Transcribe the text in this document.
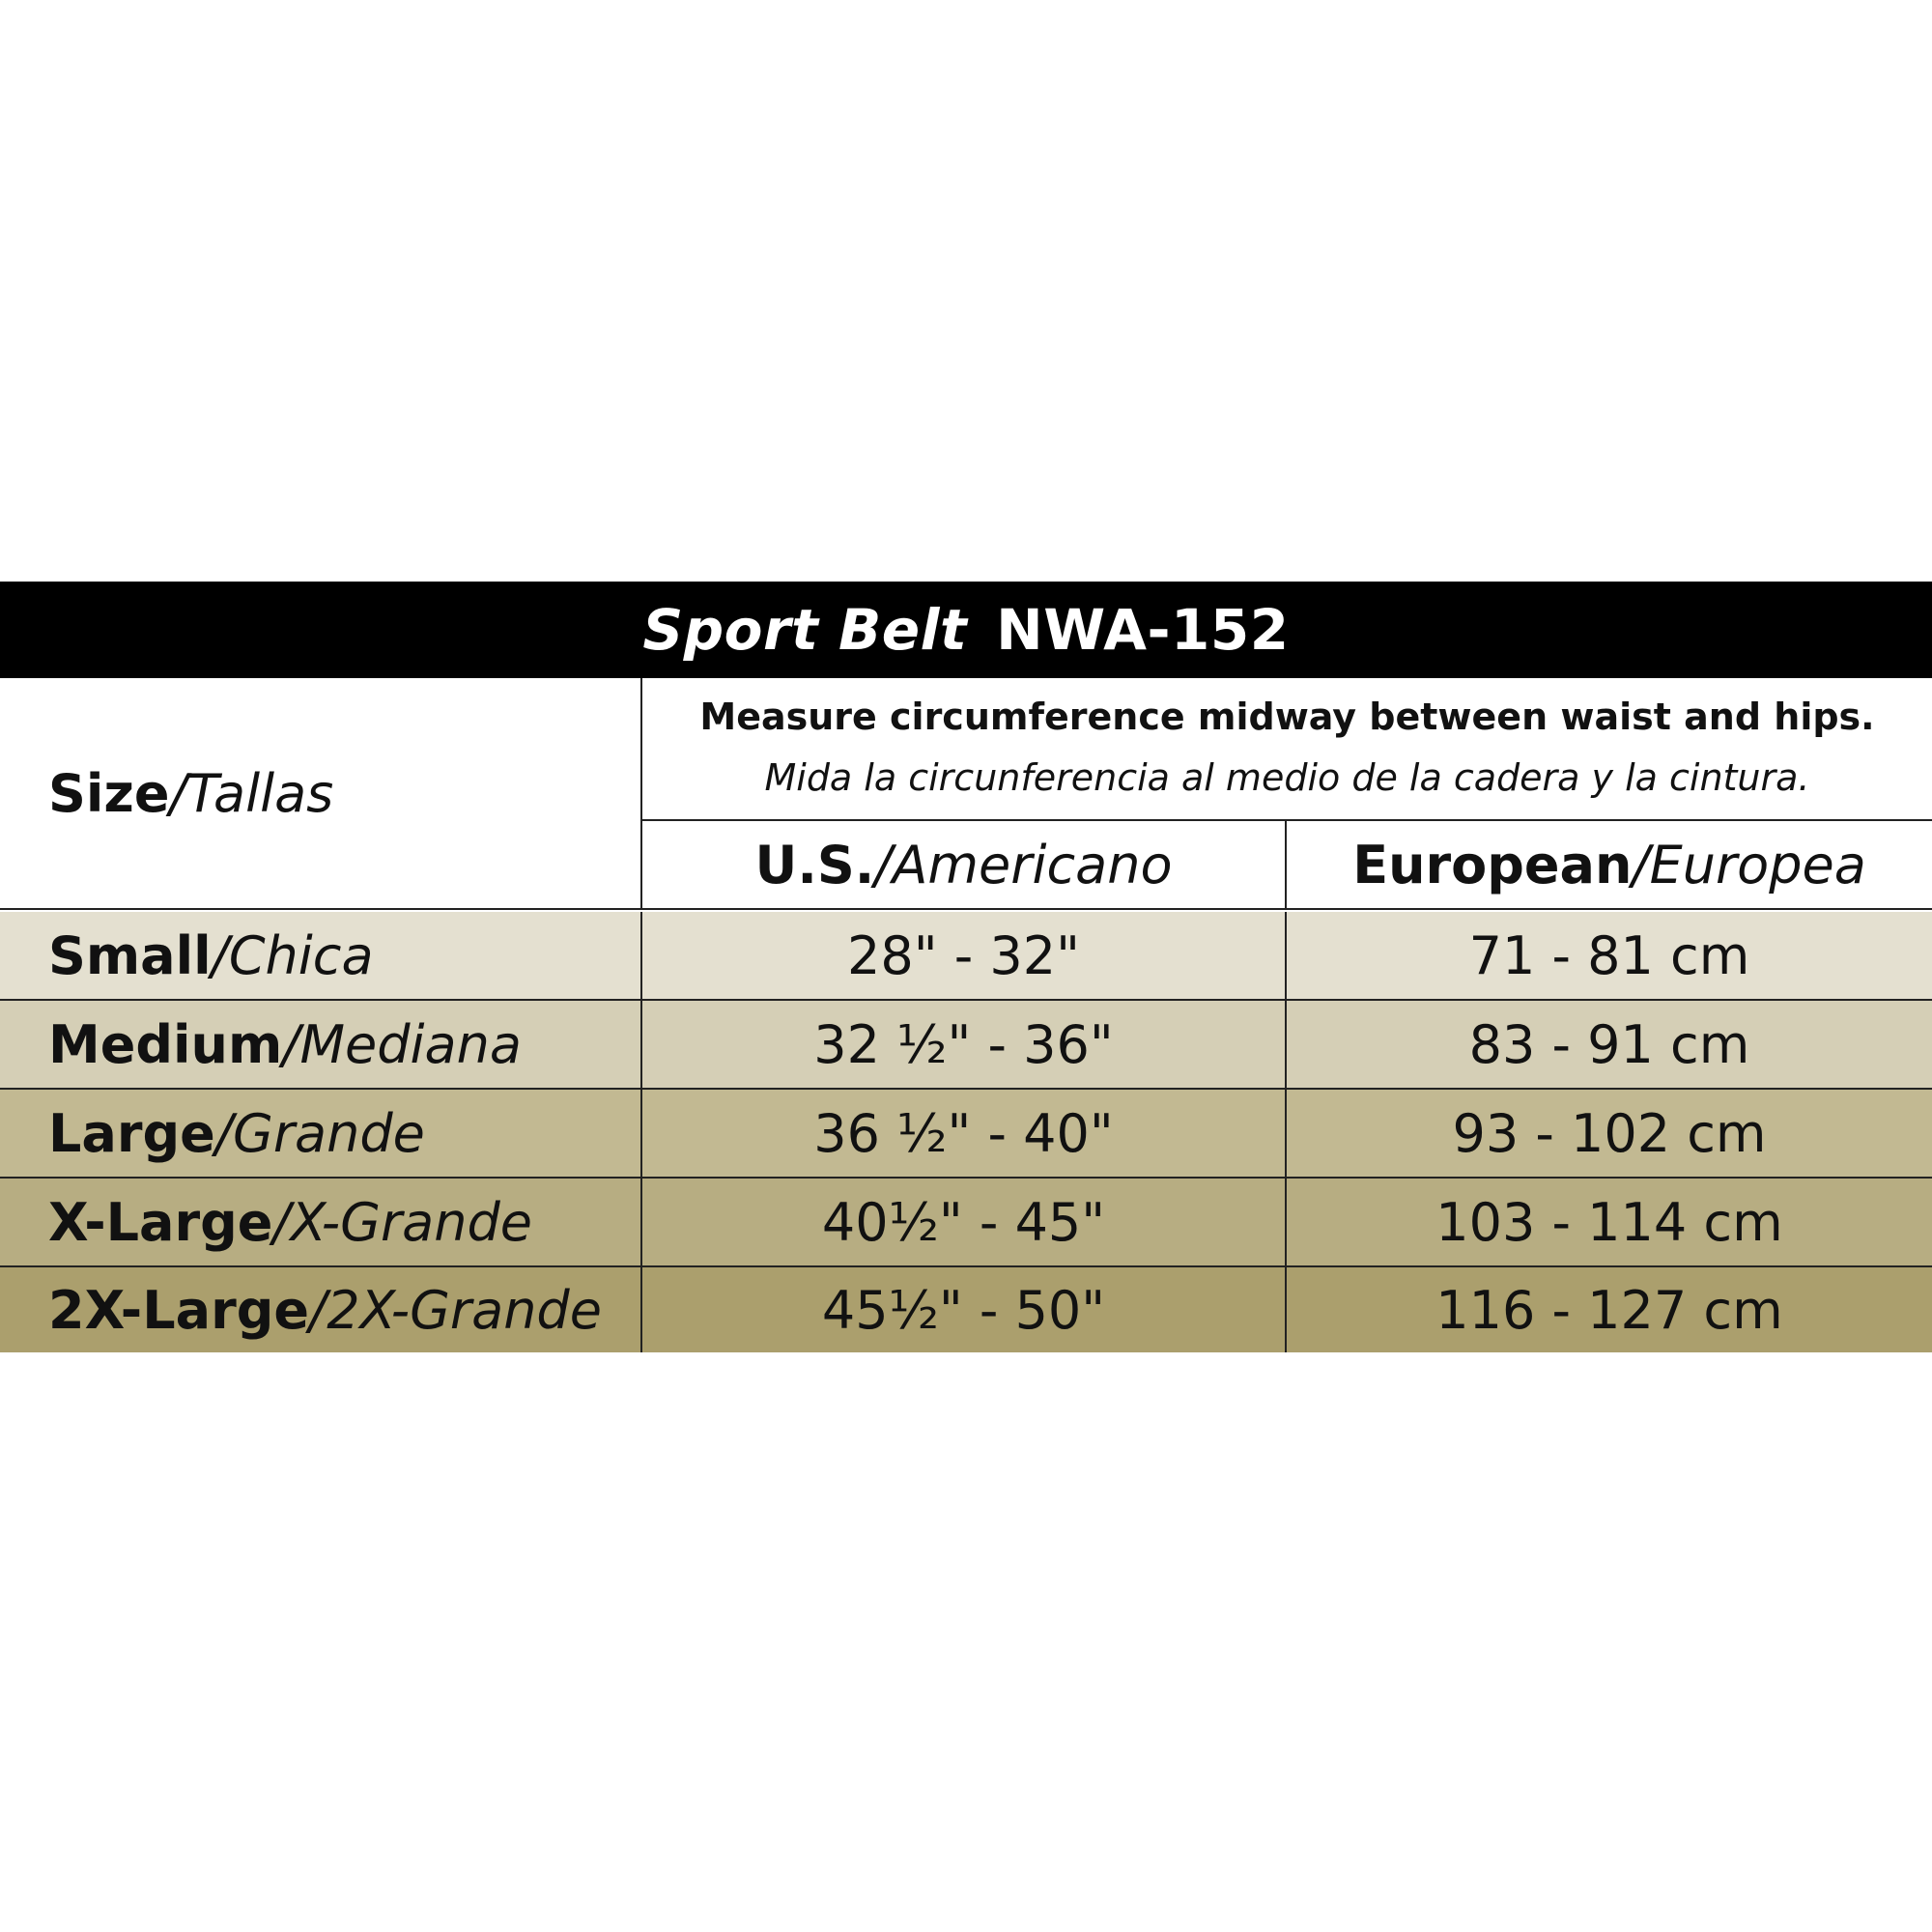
Sport Belt NWA-152
Size / Tallas
Measure circumference midway between waist and hips.
Mida la circunferencia al medio de la cadera y la cintura.
U.S. / Americano	European / Europea
Small / Chica	28" - 32"	71 - 81 cm
Medium / Mediana	32 ½" - 36"	83 - 91 cm
Large / Grande	36 ½" - 40"	93 - 102 cm
X-Large / X-Grande	40½" - 45"	103 - 114 cm
2X-Large / 2X-Grande	45½" - 50"	116 - 127 cm
